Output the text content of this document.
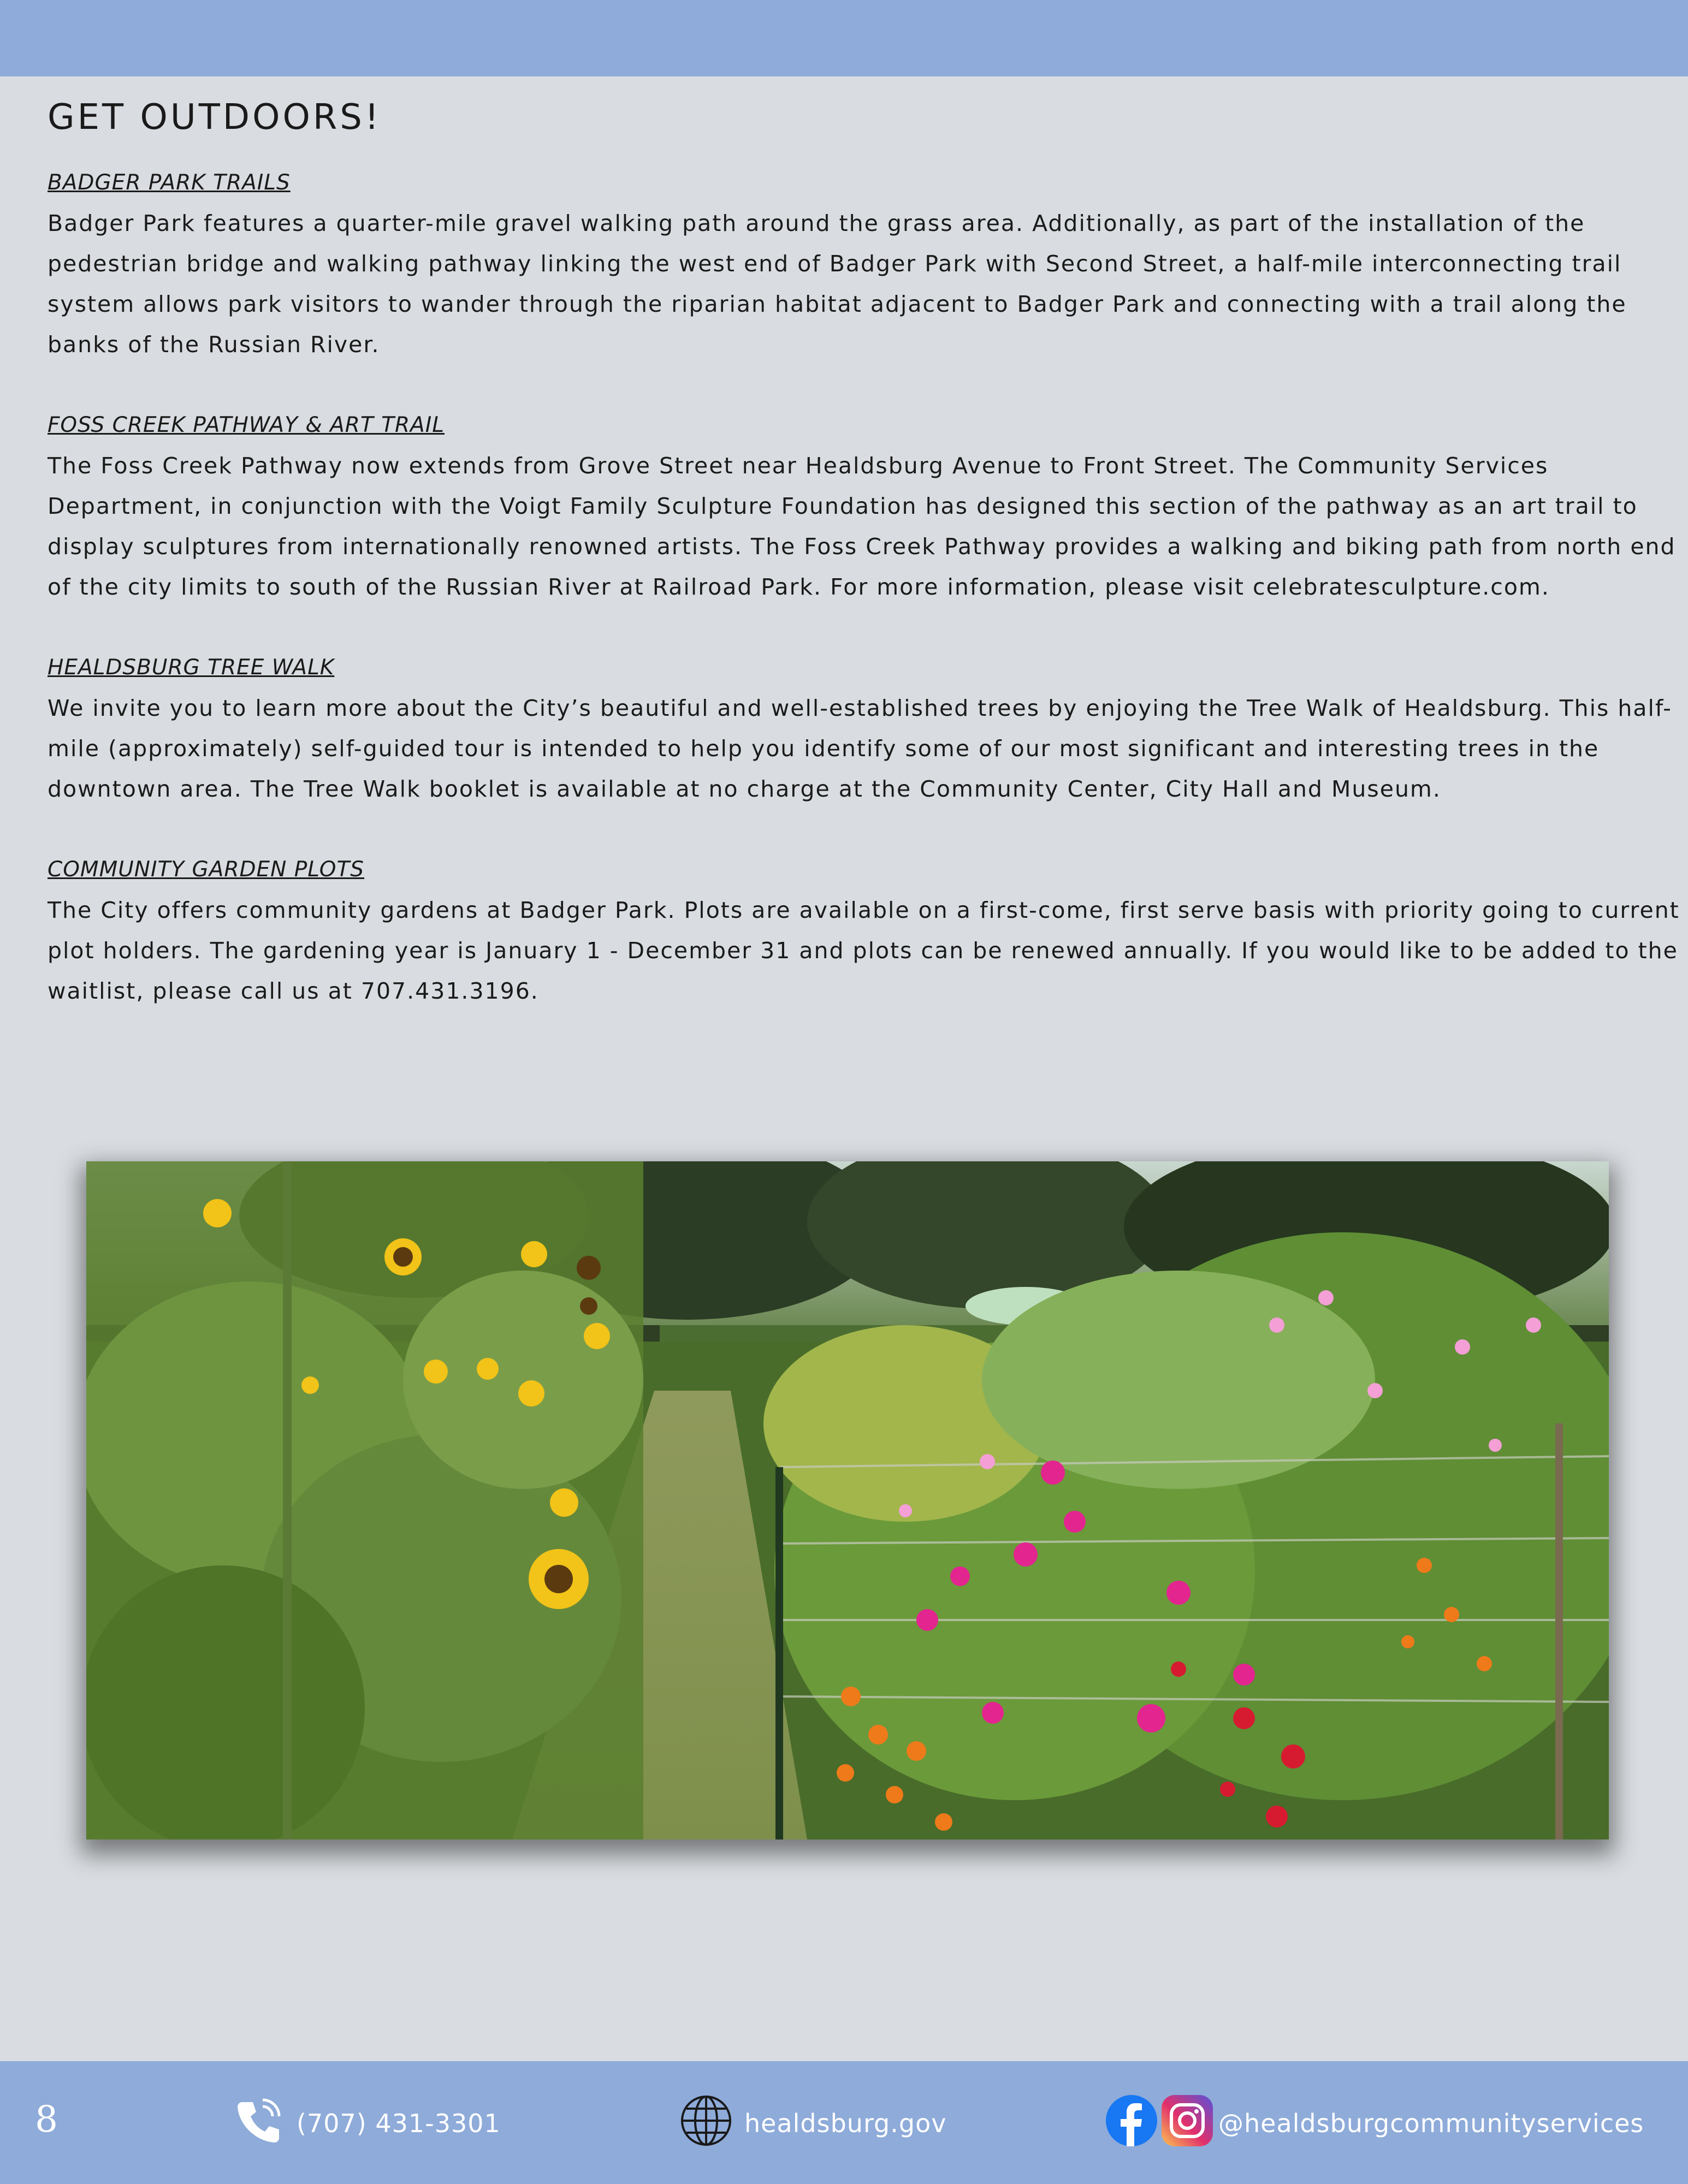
GET OUTDOORS!
BADGER PARK TRAILS
Badger Park features a quarter-mile gravel walking path around the grass area. Additionally, as part of the installation of the
pedestrian bridge and walking pathway linking the west end of Badger Park with Second Street, a half-mile interconnecting trail
system allows park visitors to wander through the riparian habitat adjacent to Badger Park and connecting with a trail along the
banks of the Russian River.
FOSS CREEK PATHWAY & ART TRAIL
The Foss Creek Pathway now extends from Grove Street near Healdsburg Avenue to Front Street. The Community Services
Department, in conjunction with the Voigt Family Sculpture Foundation has designed this section of the pathway as an art trail to
display sculptures from internationally renowned artists. The Foss Creek Pathway provides a walking and biking path from north end
of the city limits to south of the Russian River at Railroad Park. For more information, please visit celebratesculpture.com.
HEALDSBURG TREE WALK
We invite you to learn more about the City’s beautiful and well-established trees by enjoying the Tree Walk of Healdsburg. This half-
mile (approximately) self-guided tour is intended to help you identify some of our most significant and interesting trees in the
downtown area. The Tree Walk booklet is available at no charge at the Community Center, City Hall and Museum.
COMMUNITY GARDEN PLOTS
The City offers community gardens at Badger Park. Plots are available on a first-come, first serve basis with priority going to current
plot holders. The gardening year is January 1 - December 31 and plots can be renewed annually. If you would like to be added to the
waitlist, please call us at 707.431.3196.
8	(707) 431-3301	healdsburg.gov	@healdsburgcommunityservices
